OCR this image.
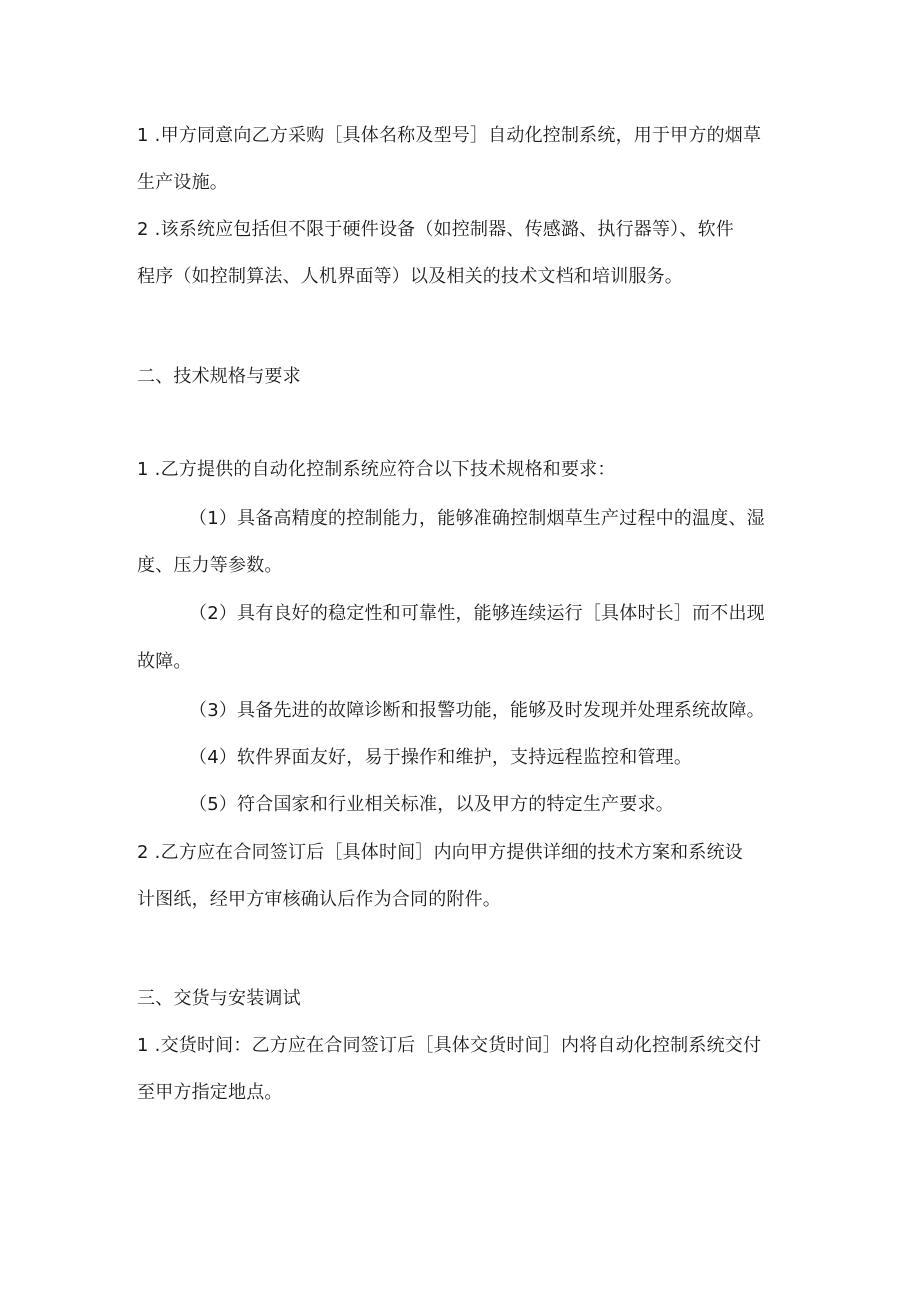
1 .甲方同意向乙方采购［具体名称及型号］自动化控制系统，用于甲方的烟草
生产设施。
2 .该系统应包括但不限于硬件设备（如控制器、传感潞、执行器等）、软件
程序（如控制算法、人机界面等）以及相关的技术文档和培训服务。
二、技术规格与要求
1 .乙方提供的自动化控制系统应符合以下技术规格和要求：
（1）具备高精度的控制能力，能够准确控制烟草生产过程中的温度、湿
度、压力等参数。
（2）具有良好的稳定性和可靠性，能够连续运行［具体时长］而不出现
故障。
（3）具备先进的故障诊断和报警功能，能够及时发现并处理系统故障。
（4）软件界面友好，易于操作和维护，支持远程监控和管理。
（5）符合国家和行业相关标准，以及甲方的特定生产要求。
2 .乙方应在合同签订后［具体时间］内向甲方提供详细的技术方案和系统设
计图纸，经甲方审核确认后作为合同的附件。
三、交货与安装调试
1 .交货时间：乙方应在合同签订后［具体交货时间］内将自动化控制系统交付
至甲方指定地点。
